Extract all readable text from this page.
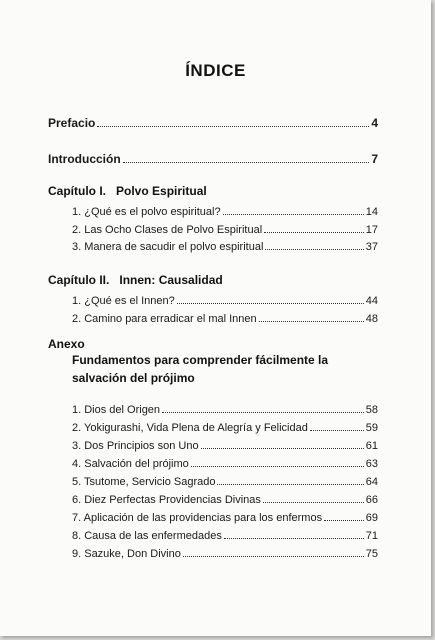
ÍNDICE
Prefacio	4
Introducción	7
Capítulo I. Polvo Espiritual
1. ¿Qué es el polvo espiritual?	14
2. Las Ocho Clases de Polvo Espiritual	17
3. Manera de sacudir el polvo espiritual	37
Capítulo II. Innen: Causalidad
1. ¿Qué es el Innen?	44
2. Camino para erradicar el mal Innen	48
Anexo
Fundamentos para comprender fácilmente la
salvación del prójimo
1. Dios del Origen	58
2. Yokigurashi, Vida Plena de Alegría y Felicidad	59
3. Dos Principios son Uno	61
4. Salvación del prójimo	63
5. Tsutome, Servicio Sagrado	64
6. Diez Perfectas Providencias Divinas	66
7. Aplicación de las providencias para los enfermos	69
8. Causa de las enfermedades	71
9. Sazuke, Don Divino	75
